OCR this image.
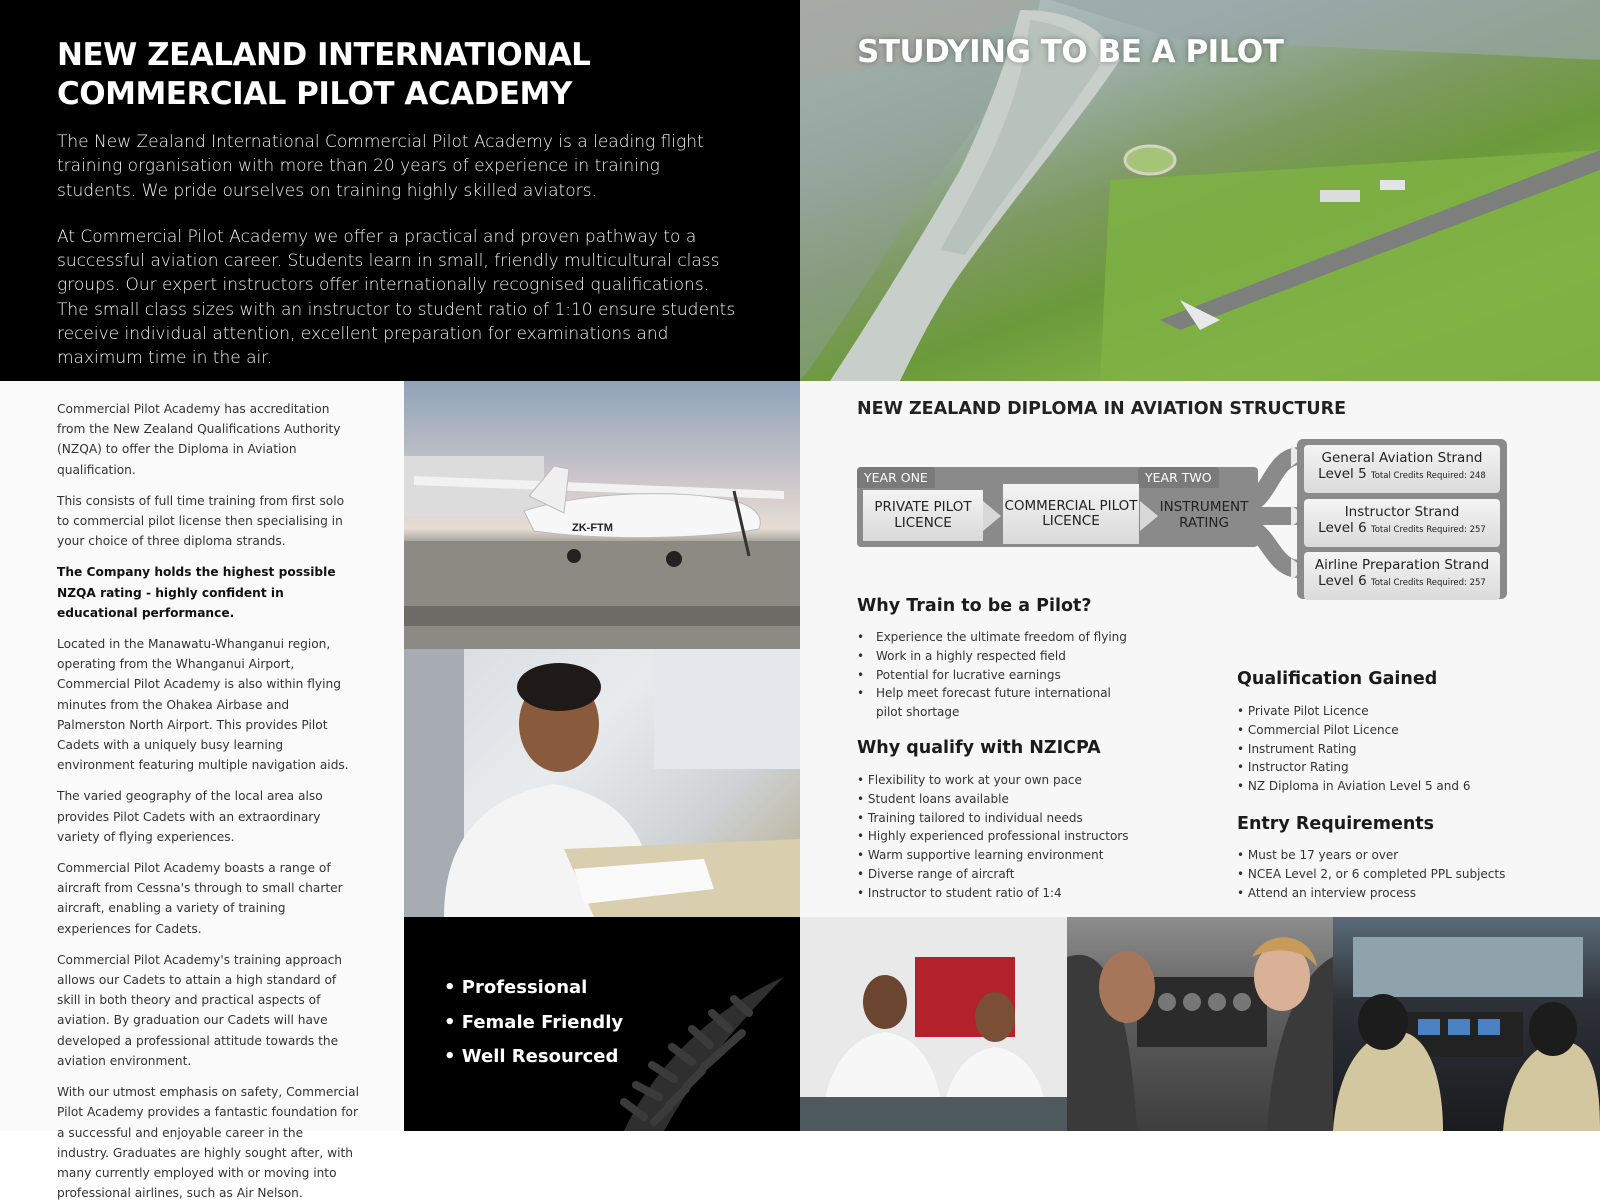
NEW ZEALAND INTERNATIONAL
COMMERCIAL PILOT ACADEMY

The New Zealand International Commercial Pilot Academy is a leading flight training organisation with more than 20 years of experience in training students. We pride ourselves on training highly skilled aviators.

At Commercial Pilot Academy we offer a practical and proven pathway to a successful aviation career. Students learn in small, friendly multicultural class groups. Our expert instructors offer internationally recognised qualifications. The small class sizes with an instructor to student ratio of 1:10 ensure students receive individual attention, excellent preparation for examinations and maximum time in the air.

STUDYING TO BE A PILOT

Commercial Pilot Academy has accreditation from the New Zealand Qualifications Authority (NZQA) to offer the Diploma in Aviation qualification.

This consists of full time training from first solo to commercial pilot license then specialising in your choice of three diploma strands.

The Company holds the highest possible NZQA rating - highly confident in educational performance.

Located in the Manawatu-Whanganui region, operating from the Whanganui Airport, Commercial Pilot Academy is also within flying minutes from the Ohakea Airbase and Palmerston North Airport. This provides Pilot Cadets with a uniquely busy learning environment featuring multiple navigation aids.

The varied geography of the local area also provides Pilot Cadets with an extraordinary variety of flying experiences.

Commercial Pilot Academy boasts a range of aircraft from Cessna's through to small charter aircraft, enabling a variety of training experiences for Cadets.

Commercial Pilot Academy's training approach allows our Cadets to attain a high standard of skill in both theory and practical aspects of aviation. By graduation our Cadets will have developed a professional attitude towards the aviation environment.

With our utmost emphasis on safety, Commercial Pilot Academy provides a fantastic foundation for a successful and enjoyable career in the industry. Graduates are highly sought after, with many currently employed with or moving into professional airlines, such as Air Nelson.

ZK-FTM
• Professional
• Female Friendly
• Well Resourced
NEW ZEALAND DIPLOMA IN AVIATION STRUCTURE
YEAR ONE	YEAR TWO
PRIVATE PILOT LICENCE
COMMERCIAL PILOT LICENCE
INSTRUMENT RATING
General Aviation Strand
Level 5 Total Credits Required: 248
Instructor Strand
Level 6 Total Credits Required: 257
Airline Preparation Strand
Level 6 Total Credits Required: 257
Why Train to be a Pilot?
• Experience the ultimate freedom of flying
• Work in a highly respected field
• Potential for lucrative earnings
• Help meet forecast future international pilot shortage
Why qualify with NZICPA
• Flexibility to work at your own pace
• Student loans available
• Training tailored to individual needs
• Highly experienced professional instructors
• Warm supportive learning environment
• Diverse range of aircraft
• Instructor to student ratio of 1:4
Qualification Gained
• Private Pilot Licence
• Commercial Pilot Licence
• Instrument Rating
• Instructor Rating
• NZ Diploma in Aviation Level 5 and 6
Entry Requirements
• Must be 17 years or over
• NCEA Level 2, or 6 completed PPL subjects
• Attend an interview process
